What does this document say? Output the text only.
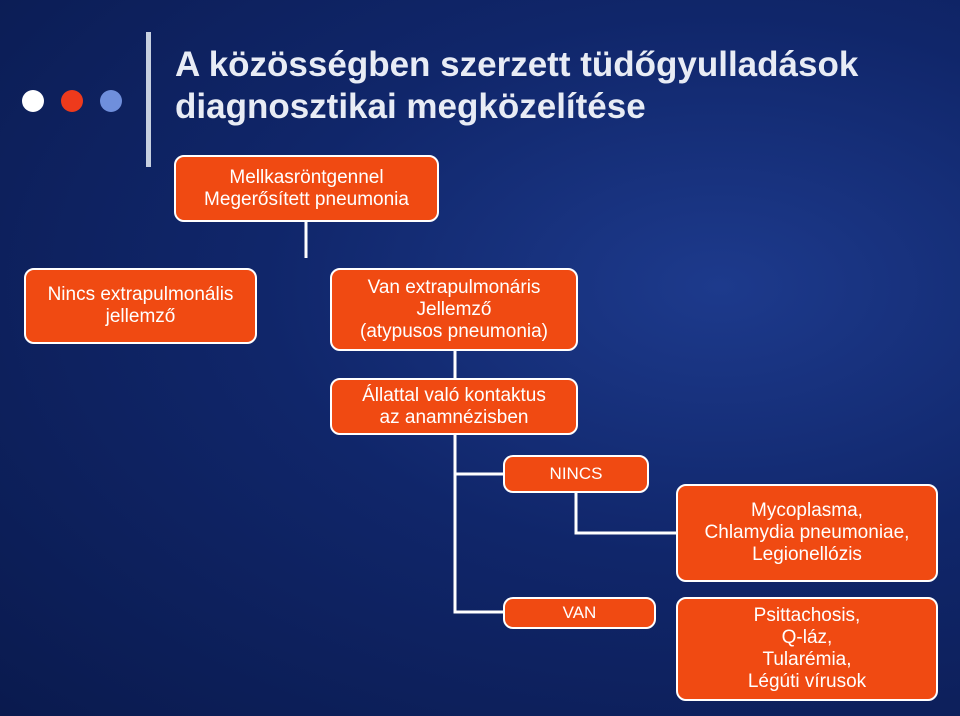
A közösségben szerzett tüdőgyulladások
diagnosztikai megközelítése
Mellkasröntgennel
Megerősített pneumonia
Nincs extrapulmonális
jellemző
Van extrapulmonáris
Jellemző
(atypusos pneumonia)
Állattal való kontaktus
az anamnézisben
NINCS
VAN
Mycoplasma,
Chlamydia pneumoniae,
Legionellózis
Psittachosis,
Q-láz,
Tularémia,
Légúti vírusok
